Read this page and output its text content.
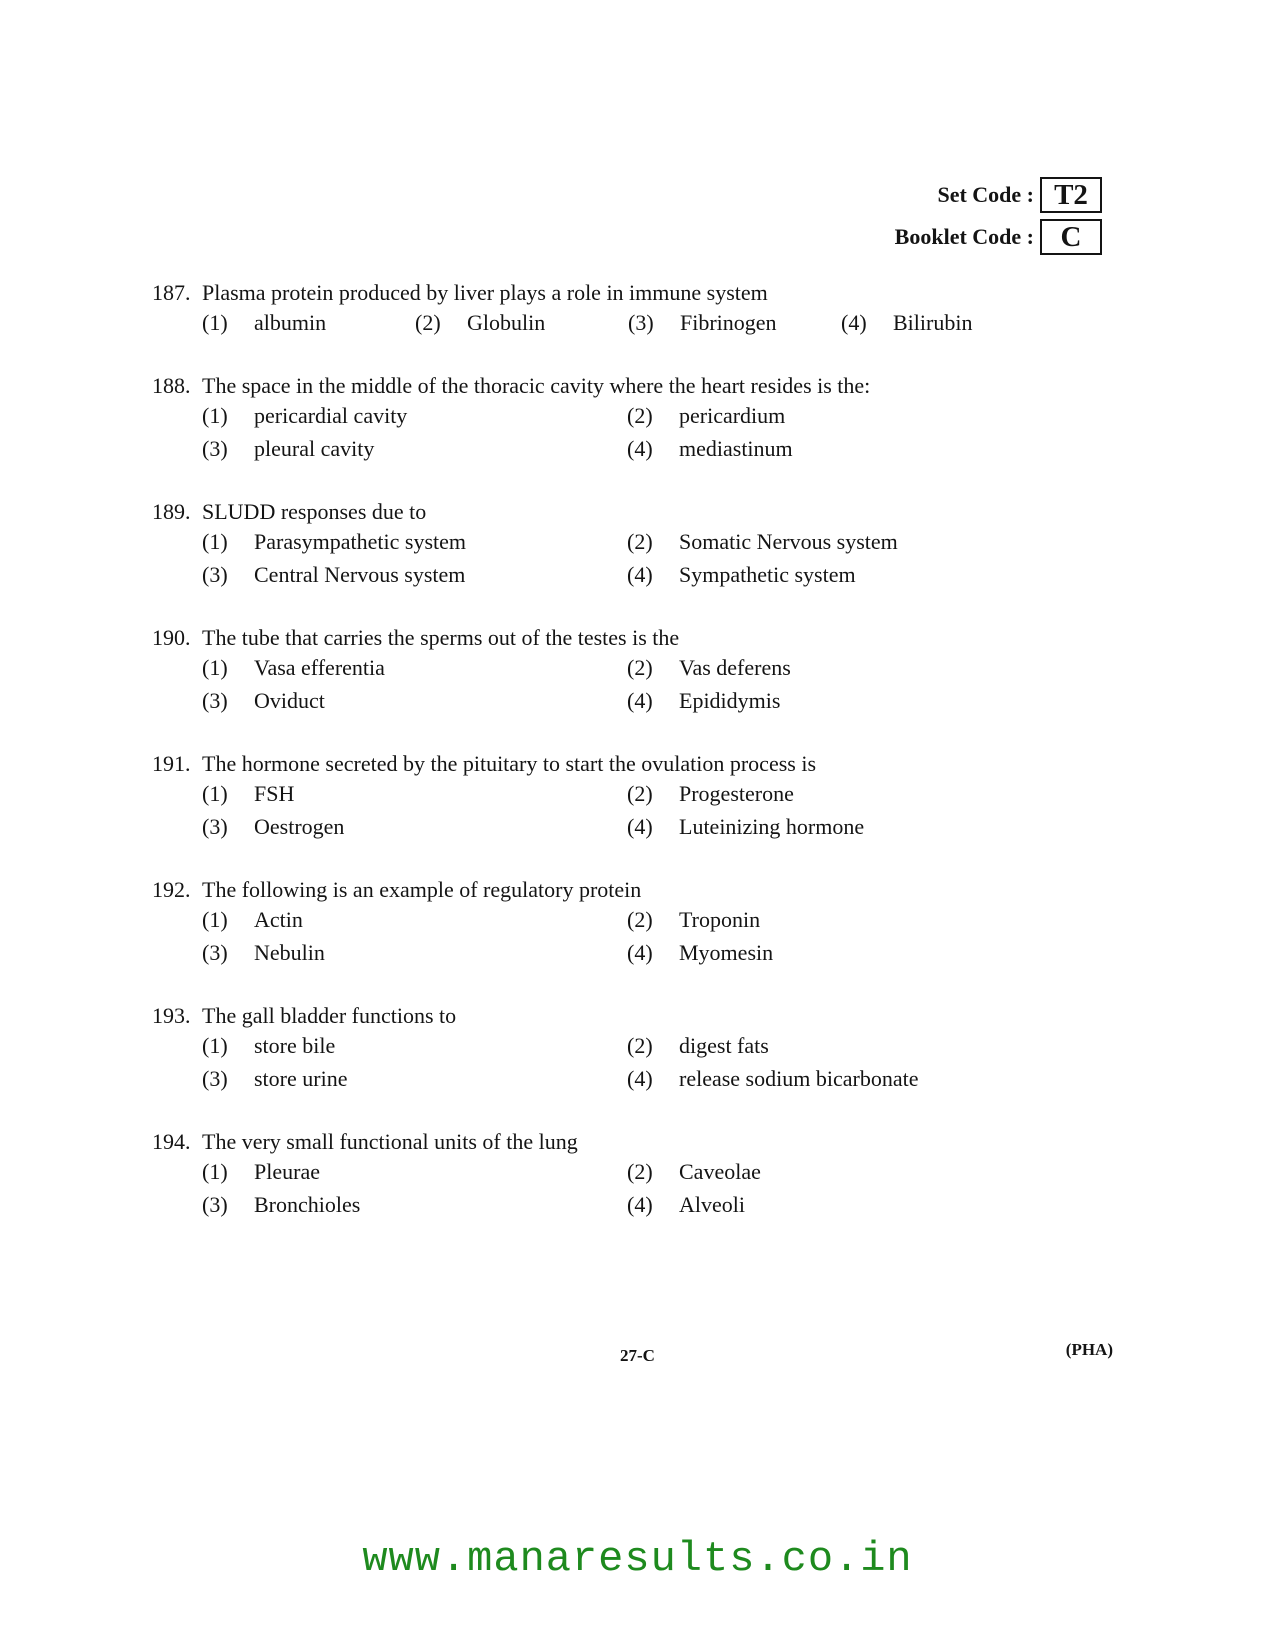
Set Code : T2
Booklet Code : C
187. Plasma protein produced by liver plays a role in immune system
(1)	albumin	(2)	Globulin	(3)	Fibrinogen	(4)	Bilirubin
188. The space in the middle of the thoracic cavity where the heart resides is the:
(1)	pericardial cavity	(2)	pericardium
(3)	pleural cavity	(4)	mediastinum
189. SLUDD responses due to
(1)	Parasympathetic system	(2)	Somatic Nervous system
(3)	Central Nervous system	(4)	Sympathetic system
190. The tube that carries the sperms out of the testes is the
(1)	Vasa efferentia	(2)	Vas deferens
(3)	Oviduct	(4)	Epididymis
191. The hormone secreted by the pituitary to start the ovulation process is
(1)	FSH	(2)	Progesterone
(3)	Oestrogen	(4)	Luteinizing hormone
192. The following is an example of regulatory protein
(1)	Actin	(2)	Troponin
(3)	Nebulin	(4)	Myomesin
193. The gall bladder functions to
(1)	store bile	(2)	digest fats
(3)	store urine	(4)	release sodium bicarbonate
194. The very small functional units of the lung
(1)	Pleurae	(2)	Caveolae
(3)	Bronchioles	(4)	Alveoli
27-C	(PHA)
www.manaresults.co.in
